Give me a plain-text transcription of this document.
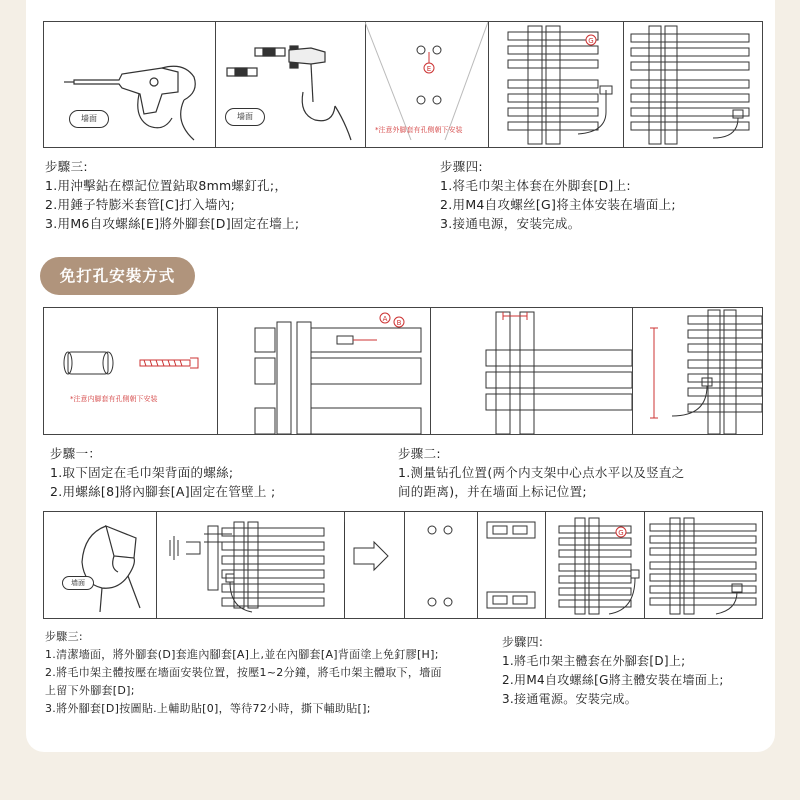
墙面	墙面
E
*注意外脚套有孔侧朝下安装
G
步驟三:
1.用沖擊鉆在標記位置鉆取8mm螺釘孔;，
2.用錘子特膨米套管[C]打入墻內;
3.用M6自攻螺絲[E]將外腳套[D]固定在墻上;
步骤四:
1.将毛巾架主体套在外脚套[D]上:
2.用M4自攻螺丝[G]将主体安装在墙面上;
3.接通电源，安装完成。
免打孔安裝方式
*注意内脚套有孔側朝下安装
A B
步驟一：
1.取下固定在毛巾架背面的螺絲;
2.用螺絲[8]將內腳套[A]固定在管壁上 ;
步骤二:
1.测量钻孔位置(两个内支架中心点水平以及竖直之
间的距离)，并在墙面上标记位置;
墙面
G
步驟三:
1.清潔墻面，將外腳套(D]套進內腳套[A]上,並在內腳套[A]背面塗上免釘膠[H];
2.將毛巾架主體按壓在墻面安裝位置，按壓1~2分鐘，將毛巾架主體取下，墻面
上留下外腳套[D];
3.將外腳套[D]按圖貼.上輔助貼[0]，等待72小時，撕下輔助貼[];
步驟四:
1.將毛巾架主體套在外腳套[D]上;
2.用M4自攻螺絲[G將主體安裝在墻面上;
3.接通電源。安裝完成。
